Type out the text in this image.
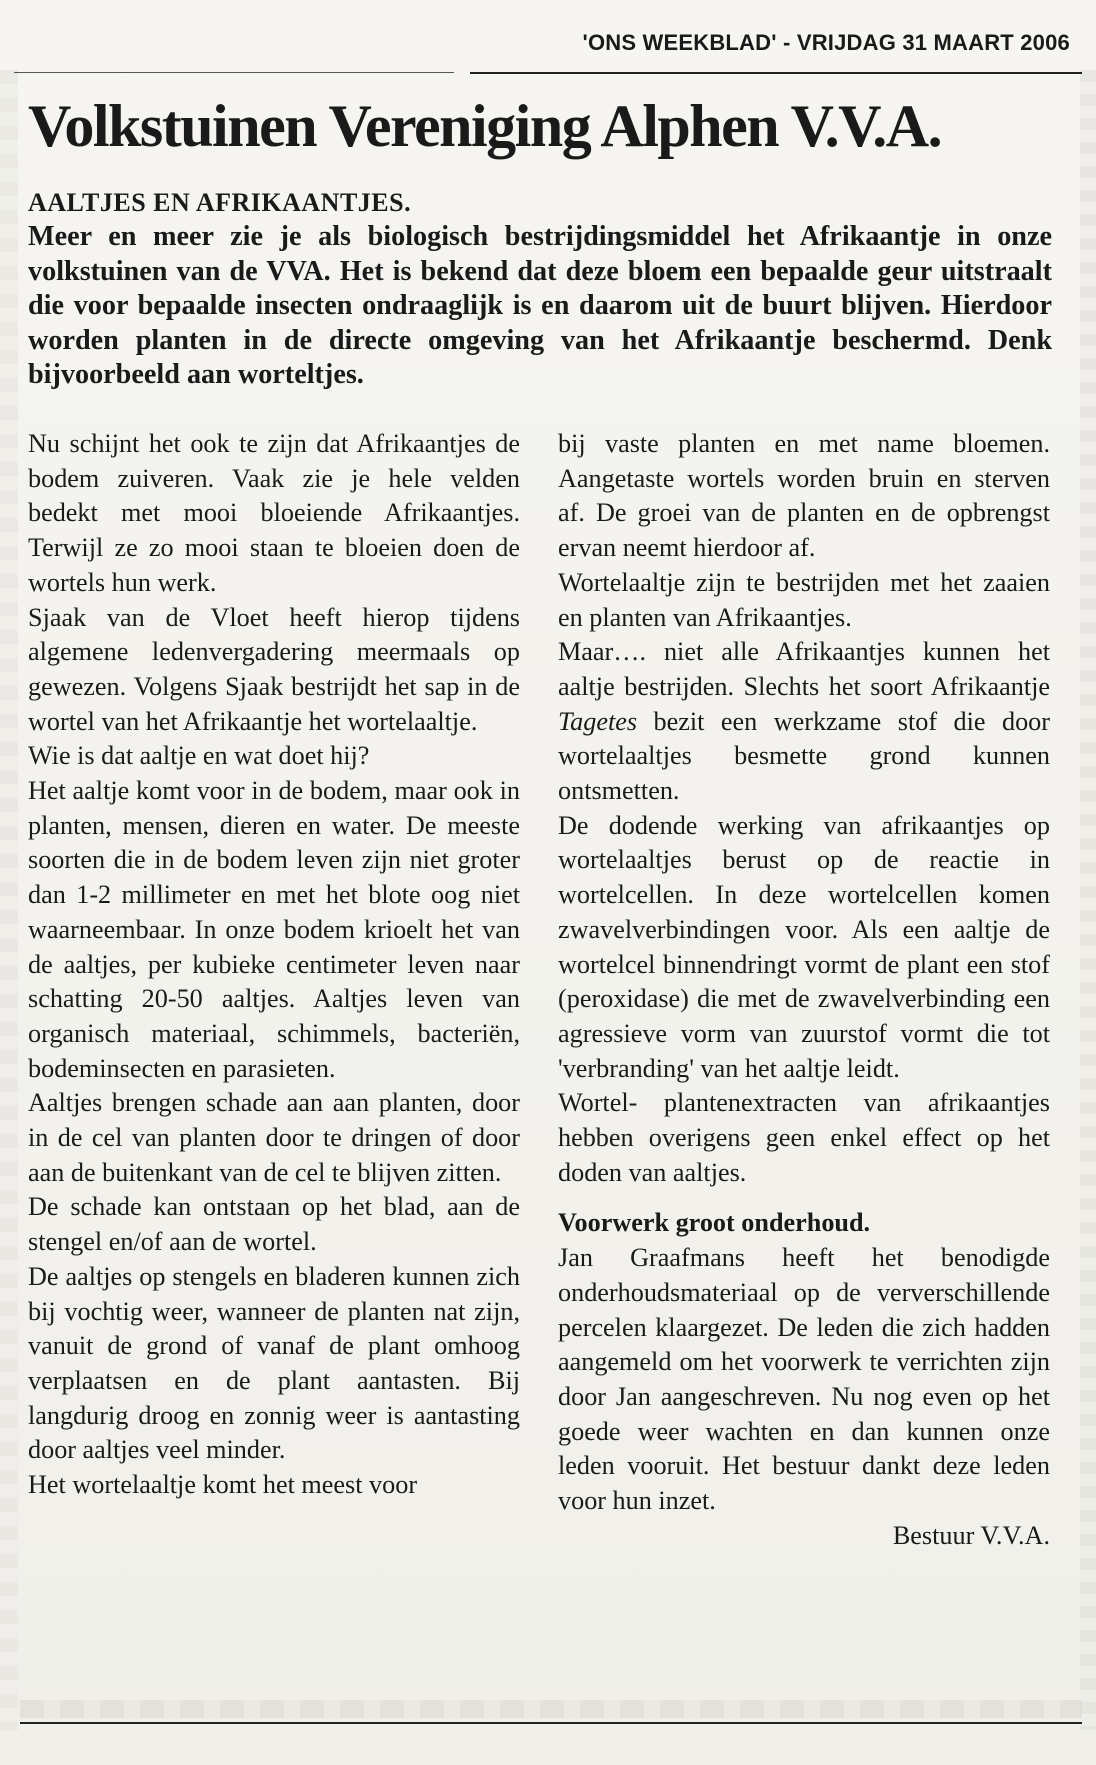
'ONS WEEKBLAD' - VRIJDAG 31 MAART 2006
Volkstuinen Vereniging Alphen V.V.A.
AALTJES EN AFRIKAANTJES.

Meer en meer zie je als biologisch bestrijdingsmiddel het Afrikaantje in onze volkstuinen van de VVA. Het is bekend dat deze bloem een bepaalde geur uitstraalt die voor bepaalde insecten ondraaglijk is en daarom uit de buurt blijven. Hierdoor worden planten in de directe omgeving van het Afrikaantje beschermd. Denk bijvoorbeeld aan worteltjes.

Nu schijnt het ook te zijn dat Afrikaantjes de bodem zuiveren. Vaak zie je hele velden bedekt met mooi bloeiende Afrikaantjes. Terwijl ze zo mooi staan te bloeien doen de wortels hun werk.

Sjaak van de Vloet heeft hierop tijdens algemene ledenvergadering meermaals op gewezen. Volgens Sjaak bestrijdt het sap in de wortel van het Afrikaantje het wortelaaltje.

Wie is dat aaltje en wat doet hij?

Het aaltje komt voor in de bodem, maar ook in planten, mensen, dieren en water. De meeste soorten die in de bodem leven zijn niet groter dan 1-2 millimeter en met het blote oog niet waarneembaar. In onze bodem krioelt het van de aaltjes, per kubieke centimeter leven naar schatting 20-50 aaltjes. Aaltjes leven van organisch materiaal, schimmels, bacteriën, bodeminsecten en parasieten.

Aaltjes brengen schade aan aan planten, door in de cel van planten door te dringen of door aan de buitenkant van de cel te blijven zitten.

De schade kan ontstaan op het blad, aan de stengel en/of aan de wortel.

De aaltjes op stengels en bladeren kunnen zich bij vochtig weer, wanneer de planten nat zijn, vanuit de grond of vanaf de plant omhoog verplaatsen en de plant aantasten. Bij langdurig droog en zonnig weer is aantasting door aaltjes veel minder.

Het wortelaaltje komt het meest voor

bij vaste planten en met name bloemen. Aangetaste wortels worden bruin en sterven af. De groei van de planten en de opbrengst ervan neemt hierdoor af.

Wortelaaltje zijn te bestrijden met het zaaien en planten van Afrikaantjes.

Maar…. niet alle Afrikaantjes kunnen het aaltje bestrijden. Slechts het soort Afrikaantje Tagetes bezit een werkzame stof die door wortelaaltjes besmette grond kunnen ontsmetten.

De dodende werking van afrikaantjes op wortelaaltjes berust op de reactie in wortelcellen. In deze wortelcellen komen zwavelverbindingen voor. Als een aaltje de wortelcel binnendringt vormt de plant een stof (peroxidase) die met de zwavelverbinding een agressieve vorm van zuurstof vormt die tot 'verbranding' van het aaltje leidt.

Wortel- plantenextracten van afrikaantjes hebben overigens geen enkel effect op het doden van aaltjes.

Voorwerk groot onderhoud.

Jan Graafmans heeft het benodigde onderhoudsmateriaal op de ververschillende percelen klaargezet. De leden die zich hadden aangemeld om het voorwerk te verrichten zijn door Jan aangeschreven. Nu nog even op het goede weer wachten en dan kunnen onze leden vooruit. Het bestuur dankt deze leden voor hun inzet.

Bestuur V.V.A.
